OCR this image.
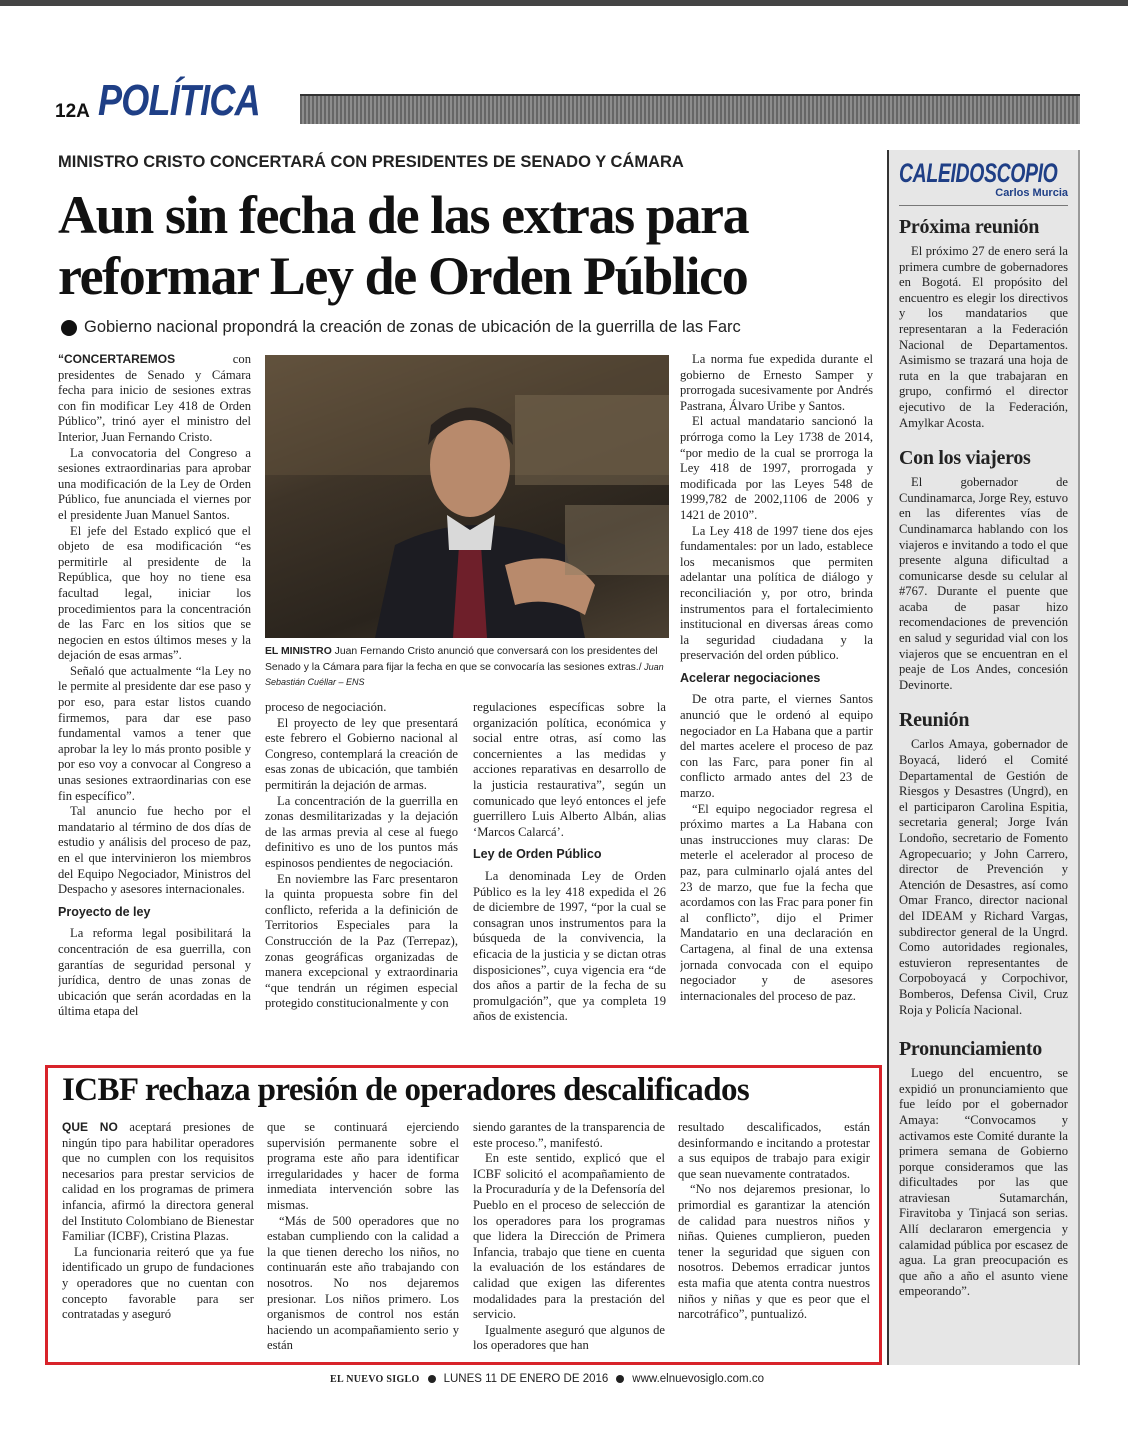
12A POLÍTICA
MINISTRO CRISTO CONCERTARÁ CON PRESIDENTES DE SENADO Y CÁMARA
Aun sin fecha de las extras para
reformar Ley de Orden Público
Gobierno nacional propondrá la creación de zonas de ubicación de la guerrilla de las Farc

“CONCERTAREMOS con presidentes de Senado y Cámara fecha para inicio de sesiones extras con fin modificar Ley 418 de Orden Público”, trinó ayer el ministro del Interior, Juan Fernando Cristo.

La convocatoria del Congreso a sesiones extraordinarias para aprobar una modificación de la Ley de Orden Público, fue anunciada el viernes por el presidente Juan Manuel Santos.

El jefe del Estado explicó que el objeto de esa modificación “es permitirle al presidente de la República, que hoy no tiene esa facultad legal, iniciar los procedimientos para la concentración de las Farc en los sitios que se negocien en estos últimos meses y la dejación de esas armas”.

Señaló que actualmente “la Ley no le permite al presidente dar ese paso y por eso, para estar listos cuando firmemos, para dar ese paso fundamental vamos a tener que aprobar la ley lo más pronto posible y por eso voy a convocar al Congreso a unas sesiones extraordinarias con ese fin específico”.

Tal anuncio fue hecho por el mandatario al término de dos días de estudio y análisis del proceso de paz, en el que intervinieron los miembros del Equipo Negociador, Ministros del Despacho y asesores internacionales.

Proyecto de ley

La reforma legal posibilitará la concentración de esa guerrilla, con garantías de seguridad personal y jurídica, dentro de unas zonas de ubicación que serán acordadas en la última etapa del

EL MINISTRO Juan Fernando Cristo anunció que conversará con los presidentes del Senado y la Cámara para fijar la fecha en que se convocaría las sesiones extras./ Juan Sebastián Cuéllar – ENS

proceso de negociación.

El proyecto de ley que presentará este febrero el Gobierno nacional al Congreso, contemplará la creación de esas zonas de ubicación, que también permitirán la dejación de armas.

La concentración de la guerrilla en zonas desmilitarizadas y la dejación de las armas previa al cese al fuego definitivo es uno de los puntos más espinosos pendientes de negociación.

En noviembre las Farc presentaron la quinta propuesta sobre fin del conflicto, referida a la definición de Territorios Especiales para la Construcción de la Paz (Terrepaz), zonas geográficas organizadas de manera excepcional y extraordinaria “que tendrán un régimen especial protegido constitucionalmente y con

regulaciones específicas sobre la organización política, económica y social entre otras, así como las concernientes a las medidas y acciones reparativas en desarrollo de la justicia restaurativa”, según un comunicado que leyó entonces el jefe guerrillero Luis Alberto Albán, alias ‘Marcos Calarcá’.

Ley de Orden Público

La denominada Ley de Orden Público es la ley 418 expedida el 26 de diciembre de 1997, “por la cual se consagran unos instrumentos para la búsqueda de la convivencia, la eficacia de la justicia y se dictan otras disposiciones”, cuya vigencia era “de dos años a partir de la fecha de su promulgación”, que ya completa 19 años de existencia.

La norma fue expedida durante el gobierno de Ernesto Samper y prorrogada sucesivamente por Andrés Pastrana, Álvaro Uribe y Santos.

El actual mandatario sancionó la prórroga como la Ley 1738 de 2014, “por medio de la cual se prorroga la Ley 418 de 1997, prorrogada y modificada por las Leyes 548 de 1999,782 de 2002,1106 de 2006 y 1421 de 2010”.

La Ley 418 de 1997 tiene dos ejes fundamentales: por un lado, establece los mecanismos que permiten adelantar una política de diálogo y reconciliación y, por otro, brinda instrumentos para el fortalecimiento institucional en diversas áreas como la seguridad ciudadana y la preservación del orden público.

Acelerar negociaciones

De otra parte, el viernes Santos anunció que le ordenó al equipo negociador en La Habana que a partir del martes acelere el proceso de paz con las Farc, para poner fin al conflicto armado antes del 23 de marzo.

“El equipo negociador regresa el próximo martes a La Habana con unas instrucciones muy claras: De meterle el acelerador al proceso de paz, para culminarlo ojalá antes del 23 de marzo, que fue la fecha que acordamos con las Frac para poner fin al conflicto”, dijo el Primer Mandatario en una declaración en Cartagena, al final de una extensa jornada convocada con el equipo negociador y de asesores internacionales del proceso de paz.

CALEIDOSCOPIO
Carlos Murcia
Próxima reunión

El próximo 27 de enero será la primera cumbre de gobernadores en Bogotá. El propósito del encuentro es elegir los directivos y los mandatarios que representaran a la Federación Nacional de Departamentos. Asimismo se trazará una hoja de ruta en la que trabajaran en grupo, confirmó el director ejecutivo de la Federación, Amylkar Acosta.

Con los viajeros

El gobernador de Cundinamarca, Jorge Rey, estuvo en las diferentes vías de Cundinamarca hablando con los viajeros e invitando a todo el que presente alguna dificultad a comunicarse desde su celular al #767. Durante el puente que acaba de pasar hizo recomendaciones de prevención en salud y seguridad vial con los viajeros que se encuentran en el peaje de Los Andes, concesión Devinorte.

Reunión

Carlos Amaya, gobernador de Boyacá, lideró el Comité Departamental de Gestión de Riesgos y Desastres (Ungrd), en el participaron Carolina Espitia, secretaria general; Jorge Iván Londoño, secretario de Fomento Agropecuario; y John Carrero, director de Prevención y Atención de Desastres, así como Omar Franco, director nacional del IDEAM y Richard Vargas, subdirector general de la Ungrd. Como autoridades regionales, estuvieron representantes de Corpoboyacá y Corpochivor, Bomberos, Defensa Civil, Cruz Roja y Policía Nacional.

Pronunciamiento

Luego del encuentro, se expidió un pronunciamiento que fue leído por el gobernador Amaya: “Convocamos y activamos este Comité durante la primera semana de Gobierno porque consideramos que las dificultades por las que atraviesan Sutamarchán, Firavitoba y Tinjacá son serias. Allí declararon emergencia y calamidad pública por escasez de agua. La gran preocupación es que año a año el asunto viene empeorando”.

ICBF rechaza presión de operadores descalificados

QUE NO aceptará presiones de ningún tipo para habilitar operadores que no cumplen con los requisitos necesarios para prestar servicios de calidad en los programas de primera infancia, afirmó la directora general del Instituto Colombiano de Bienestar Familiar (ICBF), Cristina Plazas.

La funcionaria reiteró que ya fue identificado un grupo de fundaciones y operadores que no cuentan con concepto favorable para ser contratadas y aseguró

que se continuará ejerciendo supervisión permanente sobre el programa este año para identificar irregularidades y hacer de forma inmediata intervención sobre las mismas.

“Más de 500 operadores que no estaban cumpliendo con la calidad a la que tienen derecho los niños, no continuarán este año trabajando con nosotros. No nos dejaremos presionar. Los niños primero. Los organismos de control nos están haciendo un acompañamiento serio y están

siendo garantes de la transparencia de este proceso.”, manifestó.

En este sentido, explicó que el ICBF solicitó el acompañamiento de la Procuraduría y de la Defensoría del Pueblo en el proceso de selección de los operadores para los programas que lidera la Dirección de Primera Infancia, trabajo que tiene en cuenta la evaluación de los estándares de calidad que exigen las diferentes modalidades para la prestación del servicio.

Igualmente aseguró que algunos de los operadores que han

resultado descalificados, están desinformando e incitando a protestar a sus equipos de trabajo para exigir que sean nuevamente contratados.

“No nos dejaremos presionar, lo primordial es garantizar la atención de calidad para nuestros niños y niñas. Quienes cumplieron, pueden tener la seguridad que siguen con nosotros. Debemos erradicar juntos esta mafia que atenta contra nuestros niños y niñas y que es peor que el narcotráfico”, puntualizó.

EL NUEVO SIGLO LUNES 11 DE ENERO DE 2016 www.elnuevosiglo.com.co
